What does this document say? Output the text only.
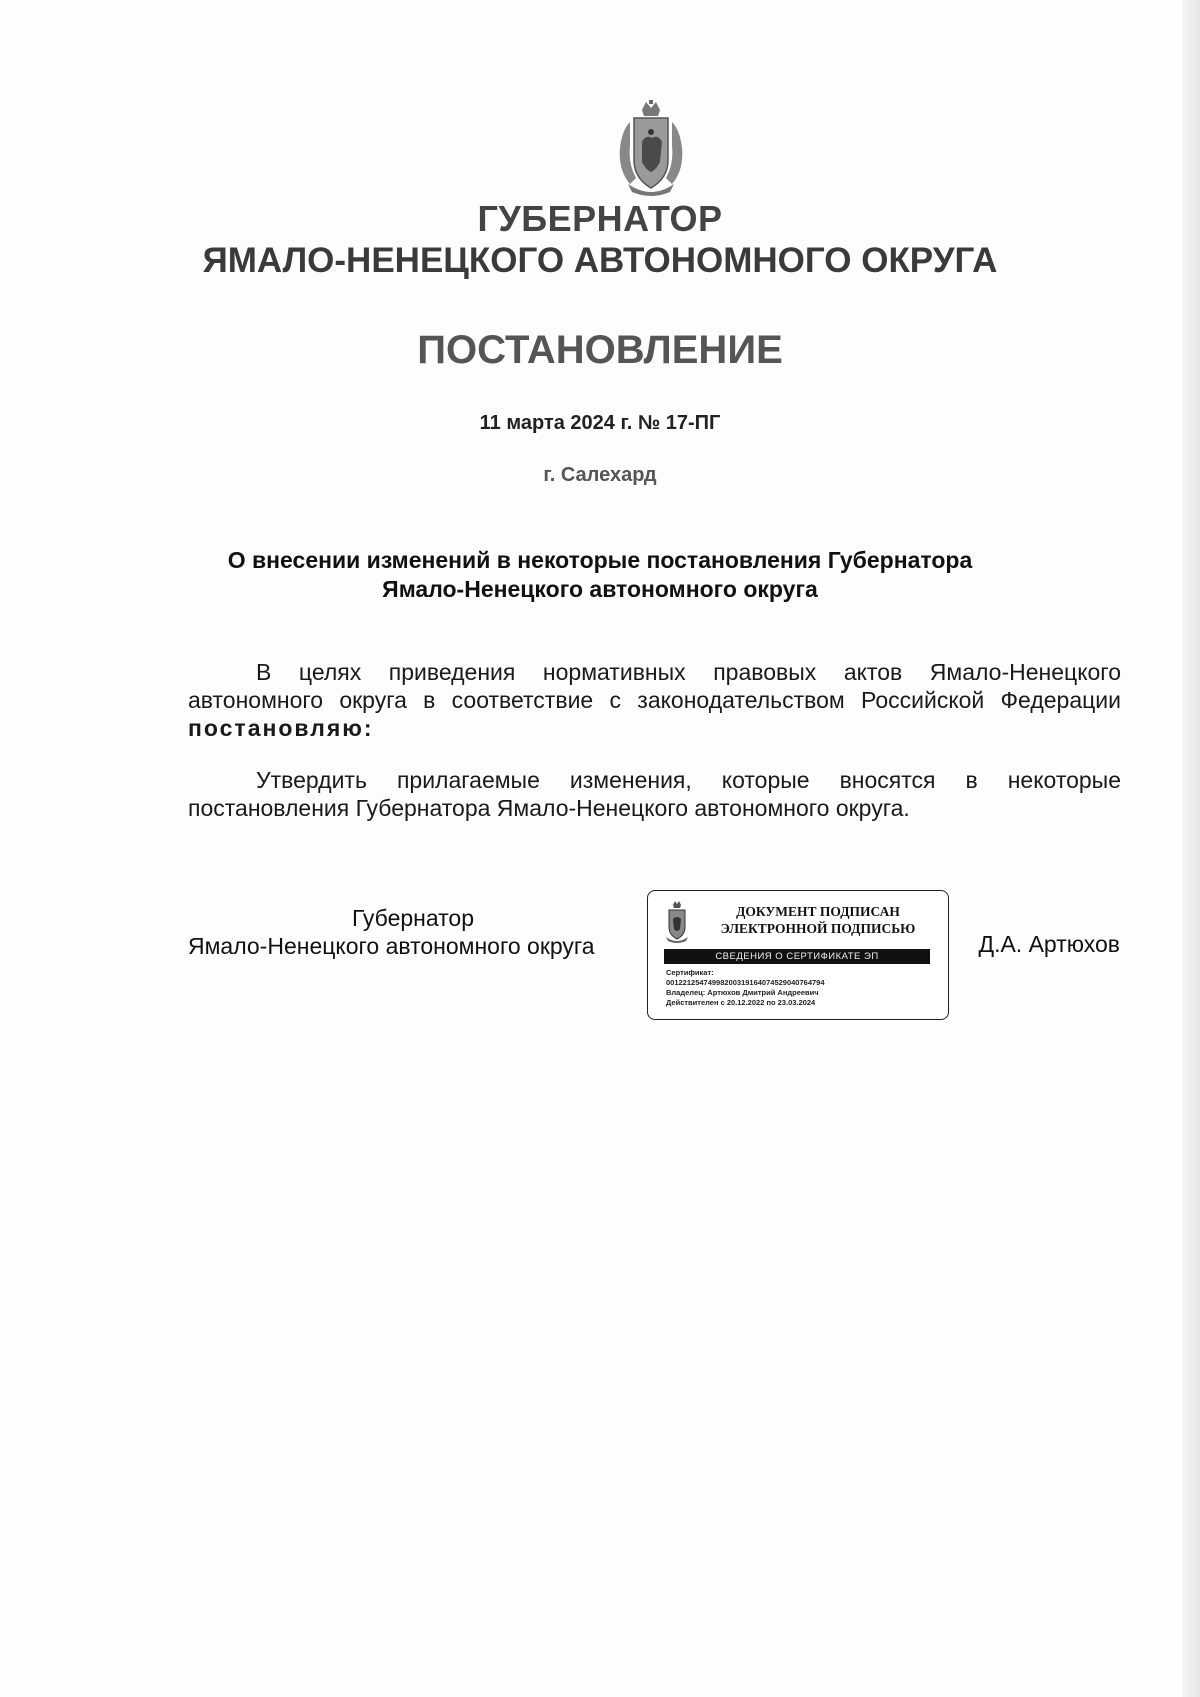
ГУБЕРНАТОР
ЯМАЛО-НЕНЕЦКОГО АВТОНОМНОГО ОКРУГА
ПОСТАНОВЛЕНИЕ
11 марта 2024 г. № 17-ПГ
г. Салехард
О внесении изменений в некоторые постановления Губернатора
Ямало-Ненецкого автономного округа
В целях приведения нормативных правовых актов Ямало-Ненецкого автономного округа в соответствие с законодательством Российской Федерации постановляю:
Утвердить прилагаемые изменения, которые вносятся в некоторые постановления Губернатора Ямало-Ненецкого автономного округа.
Губернатор
Ямало-Ненецкого автономного округа
ДОКУМЕНТ ПОДПИСАН
ЭЛЕКТРОННОЙ ПОДПИСЬЮ
СВЕДЕНИЯ О СЕРТИФИКАТЕ ЭП
Сертификат:
00122125474998200319164074529040764794
Владелец: Артюхов Дмитрий Андреевич
Действителен с 20.12.2022 по 23.03.2024
Д.А. Артюхов
